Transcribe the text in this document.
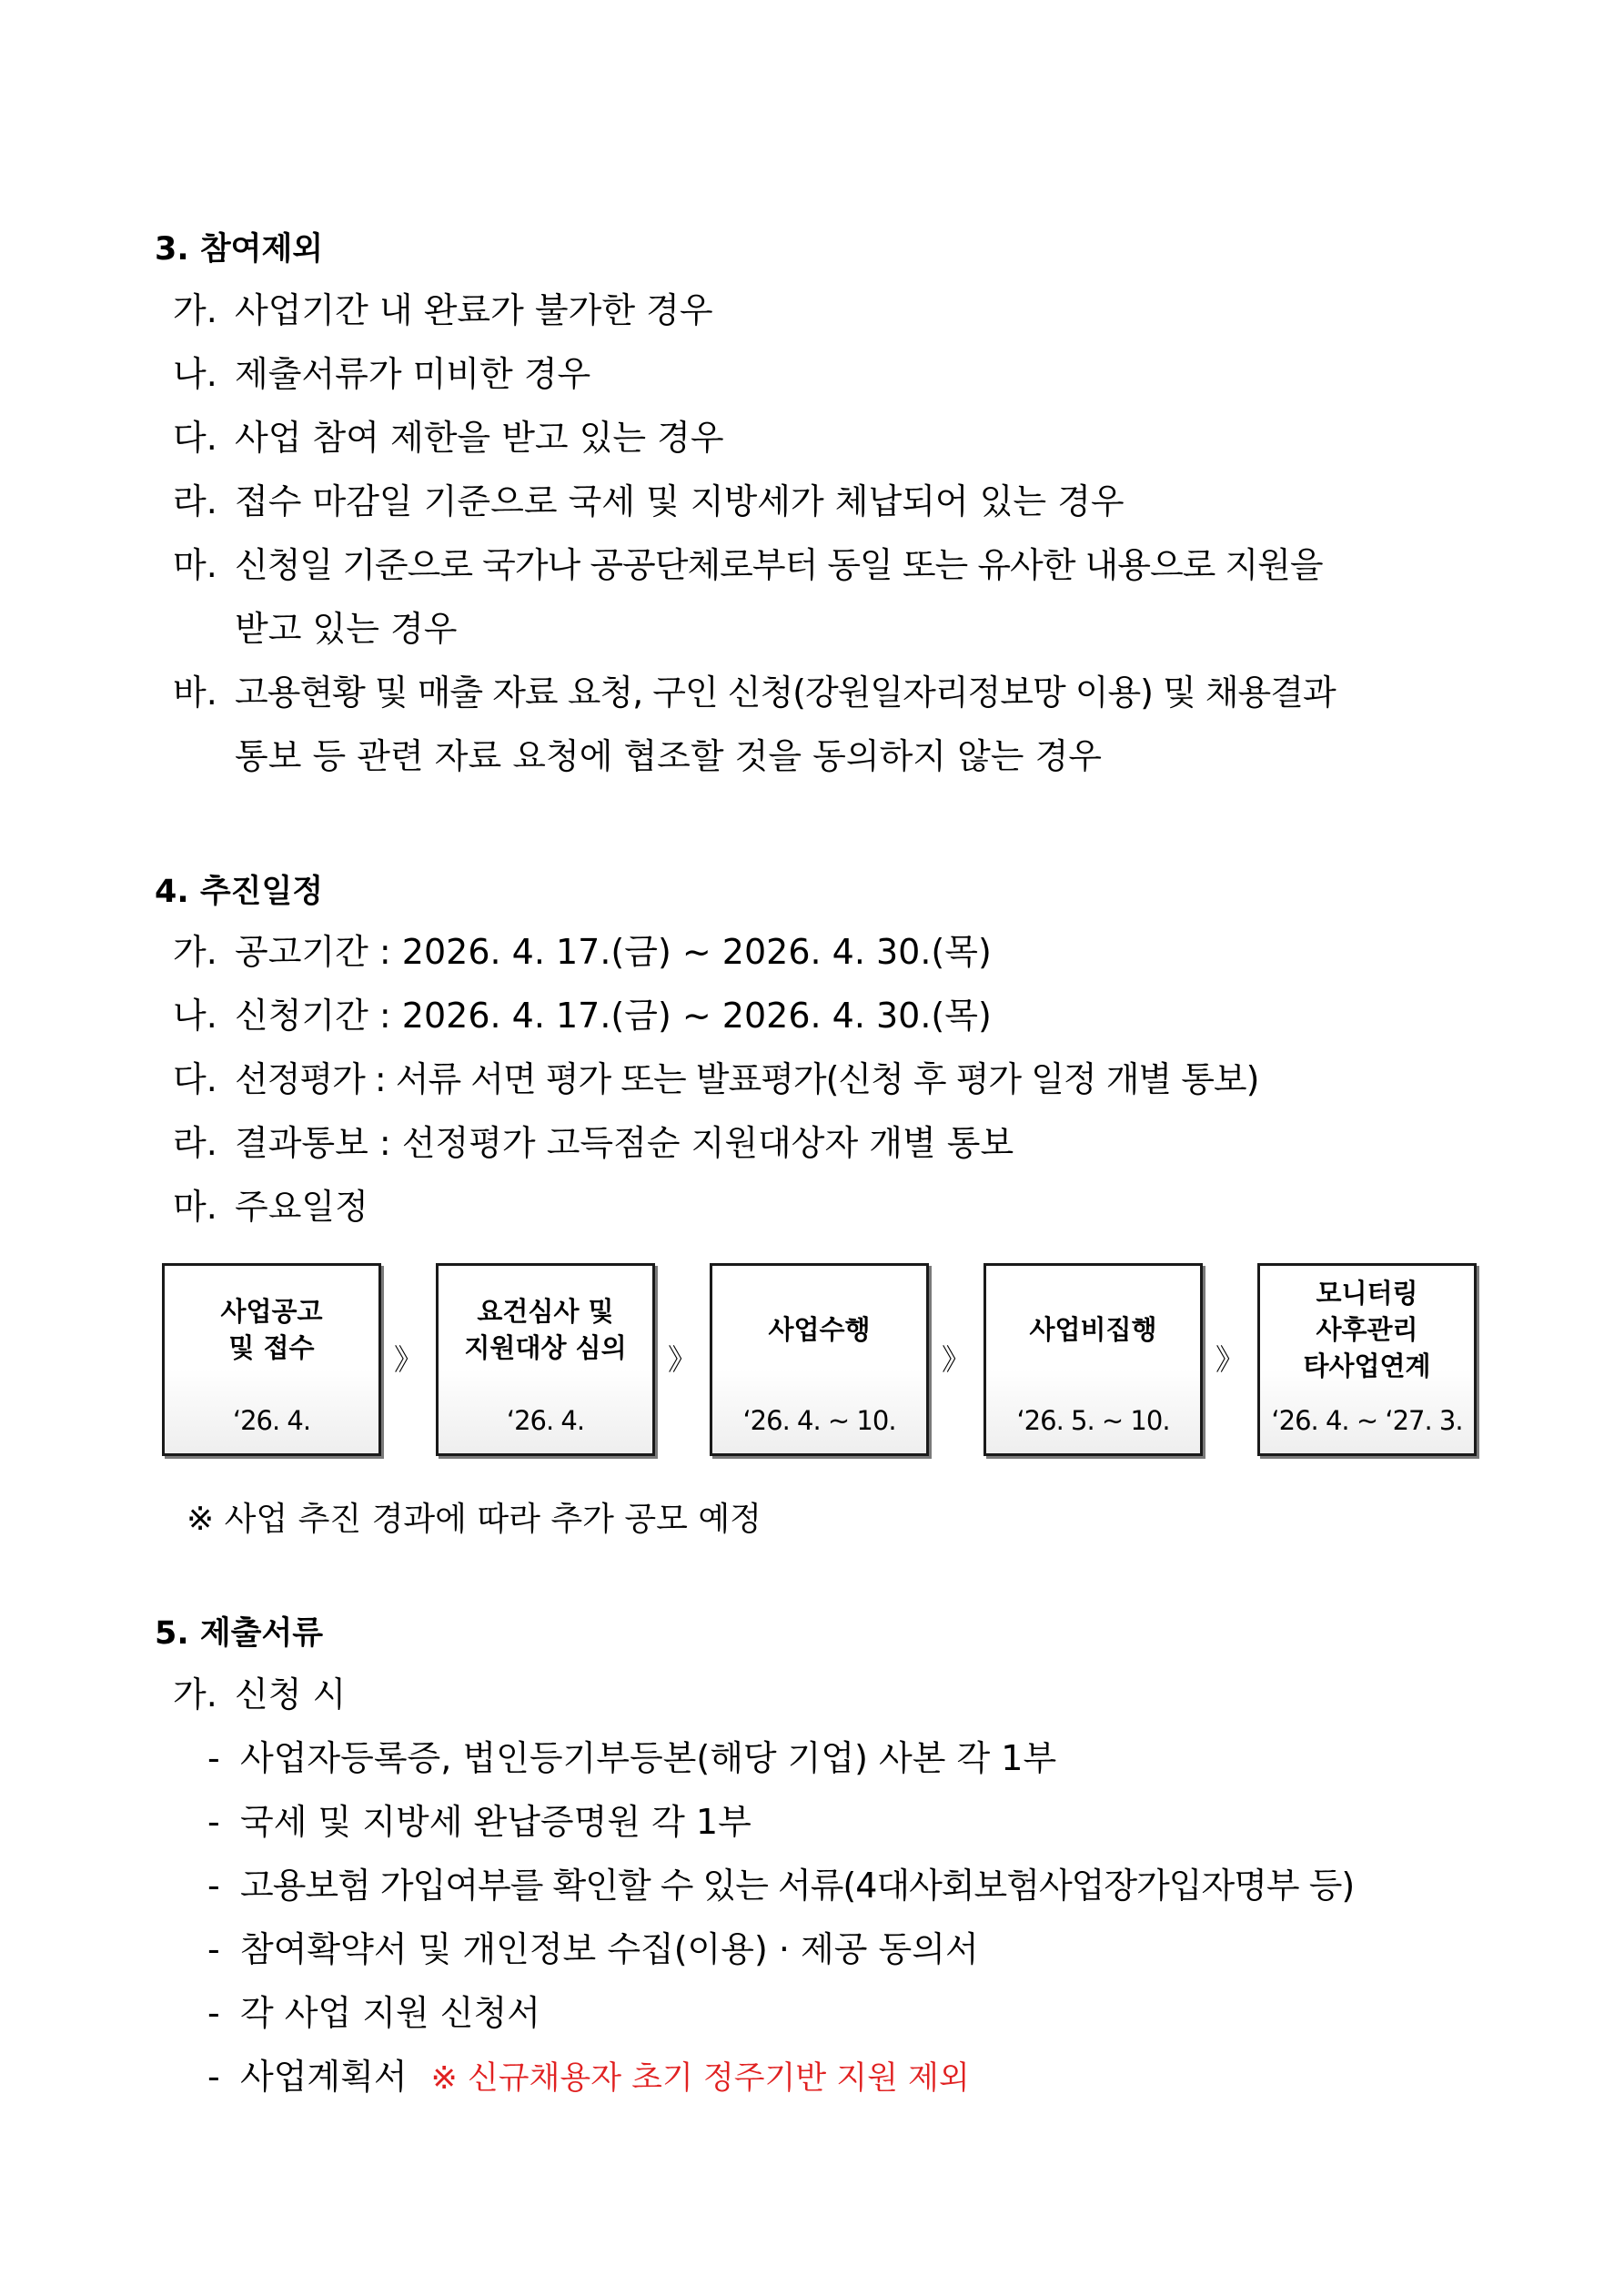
3. 참여제외
가. 사업기간 내 완료가 불가한 경우
나. 제출서류가 미비한 경우
다. 사업 참여 제한을 받고 있는 경우
라. 접수 마감일 기준으로 국세 및 지방세가 체납되어 있는 경우
마. 신청일 기준으로 국가나 공공단체로부터 동일 또는 유사한 내용으로 지원을
받고 있는 경우
바. 고용현황 및 매출 자료 요청, 구인 신청(강원일자리정보망 이용) 및 채용결과
통보 등 관련 자료 요청에 협조할 것을 동의하지 않는 경우
4. 추진일정
가. 공고기간 : 2026. 4. 17.(금) ~ 2026. 4. 30.(목)
나. 신청기간 : 2026. 4. 17.(금) ~ 2026. 4. 30.(목)
다. 선정평가 : 서류 서면 평가 또는 발표평가(신청 후 평가 일정 개별 통보)
라. 결과통보 : 선정평가 고득점순 지원대상자 개별 통보
마. 주요일정
사업공고
및 접수
‘26. 4.
》
요건심사 및
지원대상 심의
‘26. 4.
》
사업수행
‘26. 4. ~ 10.
》
사업비집행
‘26. 5. ~ 10.
》
모니터링
사후관리
타사업연계
‘26. 4. ~ ‘27. 3.
※ 사업 추진 경과에 따라 추가 공모 예정
5. 제출서류
가. 신청 시
- 사업자등록증, 법인등기부등본(해당 기업) 사본 각 1부
- 국세 및 지방세 완납증명원 각 1부
- 고용보험 가입여부를 확인할 수 있는 서류(4대사회보험사업장가입자명부 등)
- 참여확약서 및 개인정보 수집(이용) · 제공 동의서
- 각 사업 지원 신청서
- 사업계획서 ※ 신규채용자 초기 정주기반 지원 제외
